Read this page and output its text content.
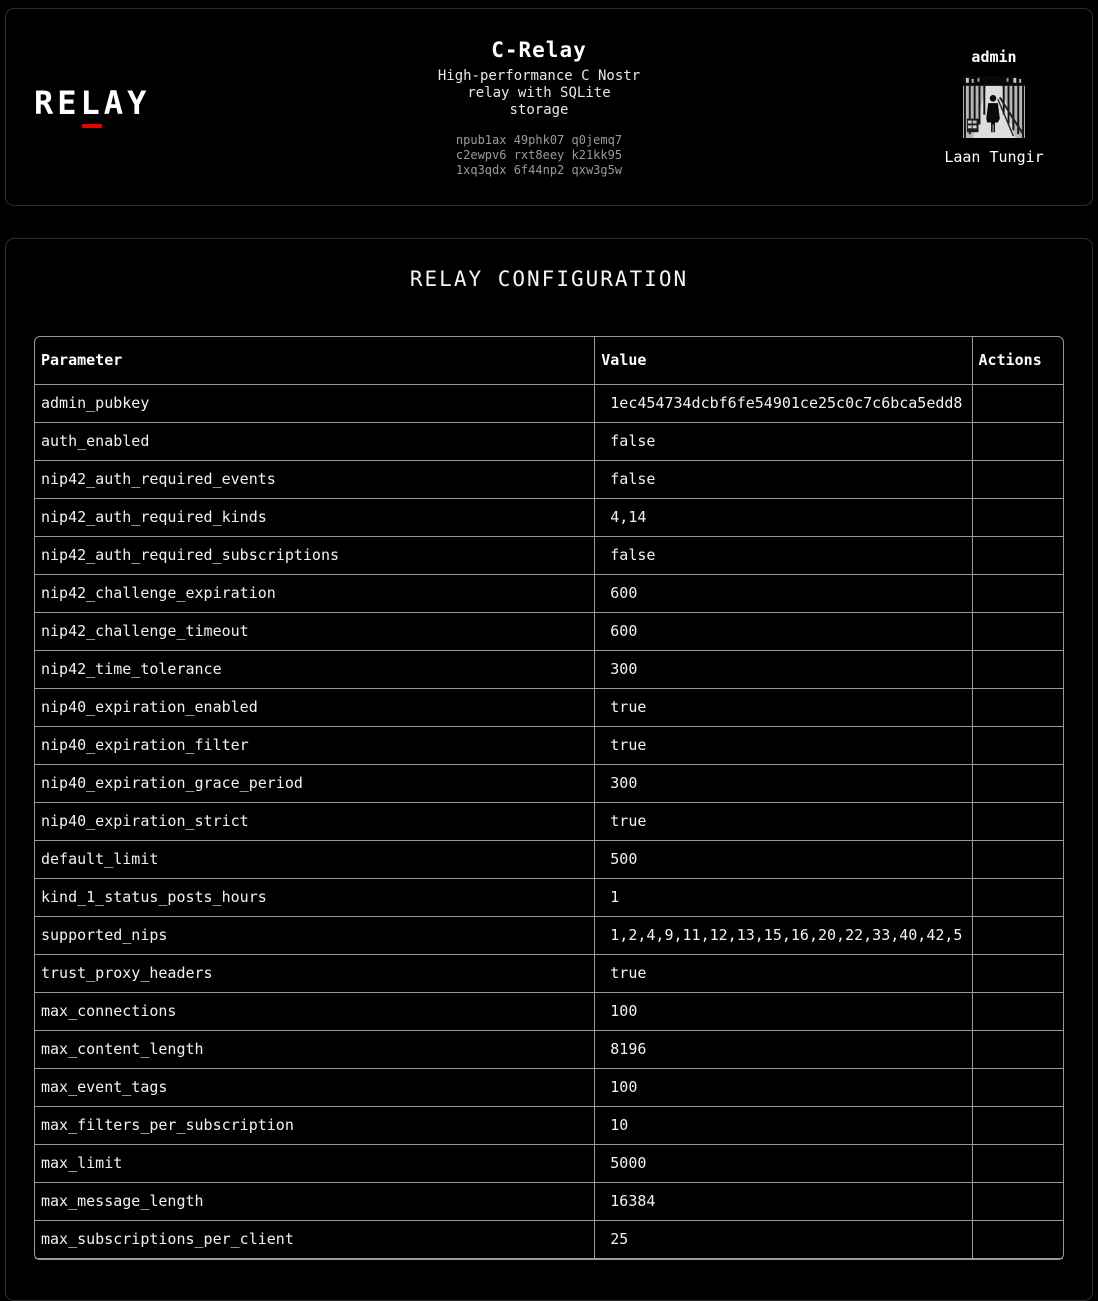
RELAY
C-Relay
High-performance C Nostr
relay with SQLite
storage
npub1ax 49phk07 q0jemq7
c2ewpv6 rxt8eey k21kk95
1xq3qdx 6f44np2 qxw3g5w
admin
Laan Tungir
RELAY CONFIGURATION
Parameter	Value	Actions
admin_pubkey	1ec454734dcbf6fe54901ce25c0c7c6bca5edd8	
auth_enabled	false	
nip42_auth_required_events	false	
nip42_auth_required_kinds	4,14	
nip42_auth_required_subscriptions	false	
nip42_challenge_expiration	600	
nip42_challenge_timeout	600	
nip42_time_tolerance	300	
nip40_expiration_enabled	true	
nip40_expiration_filter	true	
nip40_expiration_grace_period	300	
nip40_expiration_strict	true	
default_limit	500	
kind_1_status_posts_hours	1	
supported_nips	1,2,4,9,11,12,13,15,16,20,22,33,40,42,5	
trust_proxy_headers	true	
max_connections	100	
max_content_length	8196	
max_event_tags	100	
max_filters_per_subscription	10	
max_limit	5000	
max_message_length	16384	
max_subscriptions_per_client	25	
